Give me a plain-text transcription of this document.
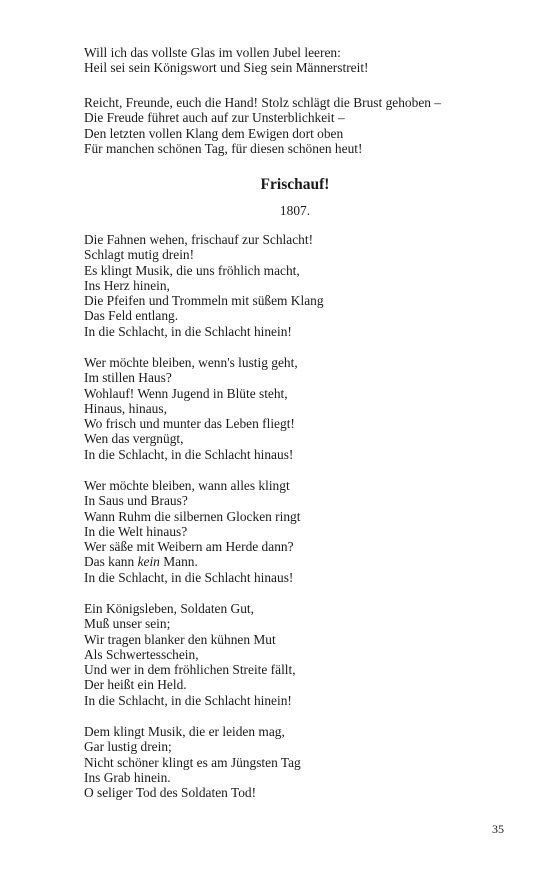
Will ich das vollste Glas im vollen Jubel leeren:
Heil sei sein Königswort und Sieg sein Männerstreit!
Reicht, Freunde, euch die Hand! Stolz schlägt die Brust gehoben –
Die Freude führet auch auf zur Unsterblichkeit –
Den letzten vollen Klang dem Ewigen dort oben
Für manchen schönen Tag, für diesen schönen heut!
Frischauf!
1807.
Die Fahnen wehen, frischauf zur Schlacht!
Schlagt mutig drein!
Es klingt Musik, die uns fröhlich macht,
Ins Herz hinein,
Die Pfeifen und Trommeln mit süßem Klang
Das Feld entlang.
In die Schlacht, in die Schlacht hinein!
Wer möchte bleiben, wenn's lustig geht,
Im stillen Haus?
Wohlauf! Wenn Jugend in Blüte steht,
Hinaus, hinaus,
Wo frisch und munter das Leben fliegt!
Wen das vergnügt,
In die Schlacht, in die Schlacht hinaus!
Wer möchte bleiben, wann alles klingt
In Saus und Braus?
Wann Ruhm die silbernen Glocken ringt
In die Welt hinaus?
Wer säße mit Weibern am Herde dann?
Das kann kein Mann.
In die Schlacht, in die Schlacht hinaus!
Ein Königsleben, Soldaten Gut,
Muß unser sein;
Wir tragen blanker den kühnen Mut
Als Schwertesschein,
Und wer in dem fröhlichen Streite fällt,
Der heißt ein Held.
In die Schlacht, in die Schlacht hinein!
Dem klingt Musik, die er leiden mag,
Gar lustig drein;
Nicht schöner klingt es am Jüngsten Tag
Ins Grab hinein.
O seliger Tod des Soldaten Tod!
35
